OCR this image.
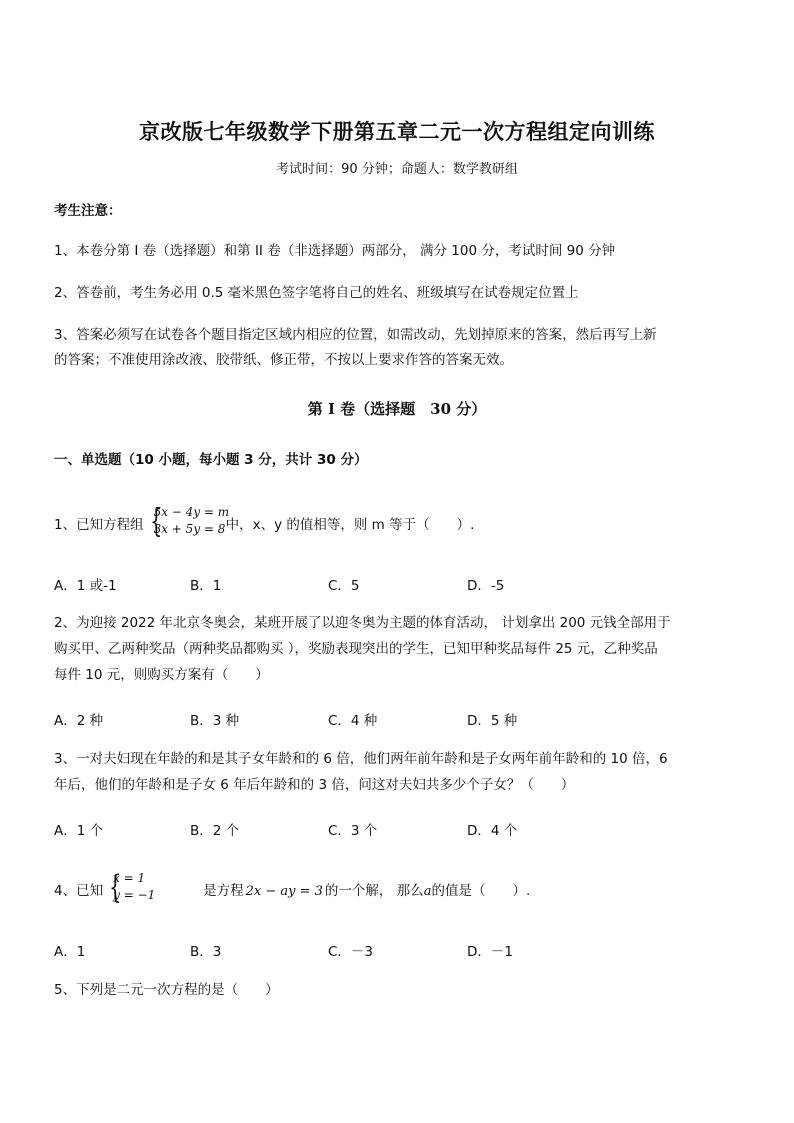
京改版七年级数学下册第五章二元一次方程组定向训练
考试时间：90 分钟；命题人：数学教研组
考生注意：
1、本卷分第 I 卷（选择题）和第 II 卷（非选择题）两部分， 满分 100 分，考试时间 90 分钟
2、答卷前，考生务必用 0.5 毫米黑色签字笔将自己的姓名、班级填写在试卷规定位置上
3、答案必须写在试卷各个题目指定区域内相应的位置，如需改动，先划掉原来的答案，然后再写上新
的答案；不准使用涂改液、胶带纸、修正带，不按以上要求作答的答案无效。
第 I 卷（选择题　30 分）
一、单选题（10 小题，每小题 3 分，共计 30 分）
1、已知方程组 {
5x − 4y = m
3x + 5y = 8 中，x、y 的值相等，则 m 等于（　　）.
A．1 或-1	B．1	C．5	D．-5
2、为迎接 2022 年北京冬奥会，某班开展了以迎冬奥为主题的体育活动， 计划拿出 200 元钱全部用于
购买甲、乙两种奖品（两种奖品都购买 ），奖励表现突出的学生，已知甲种奖品每件 25 元，乙种奖品
每件 10 元，则购买方案有（　　）
A．2 种	B．3 种	C．4 种	D．5 种
3、一对夫妇现在年龄的和是其子女年龄和的 6 倍，他们两年前年龄和是子女两年前年龄和的 10 倍，6
年后，他们的年龄和是子女 6 年后年龄和的 3 倍，问这对夫妇共多少个子女？（　　）
A．1 个	B．2 个	C．3 个	D．4 个
4、已知 {
x = 1
y = −1	是方程 2x − ay = 3 的一个解， 那么a的值是（　　）.
A．1	B．3	C．－3	D．－1
5、下列是二元一次方程的是（　　）
